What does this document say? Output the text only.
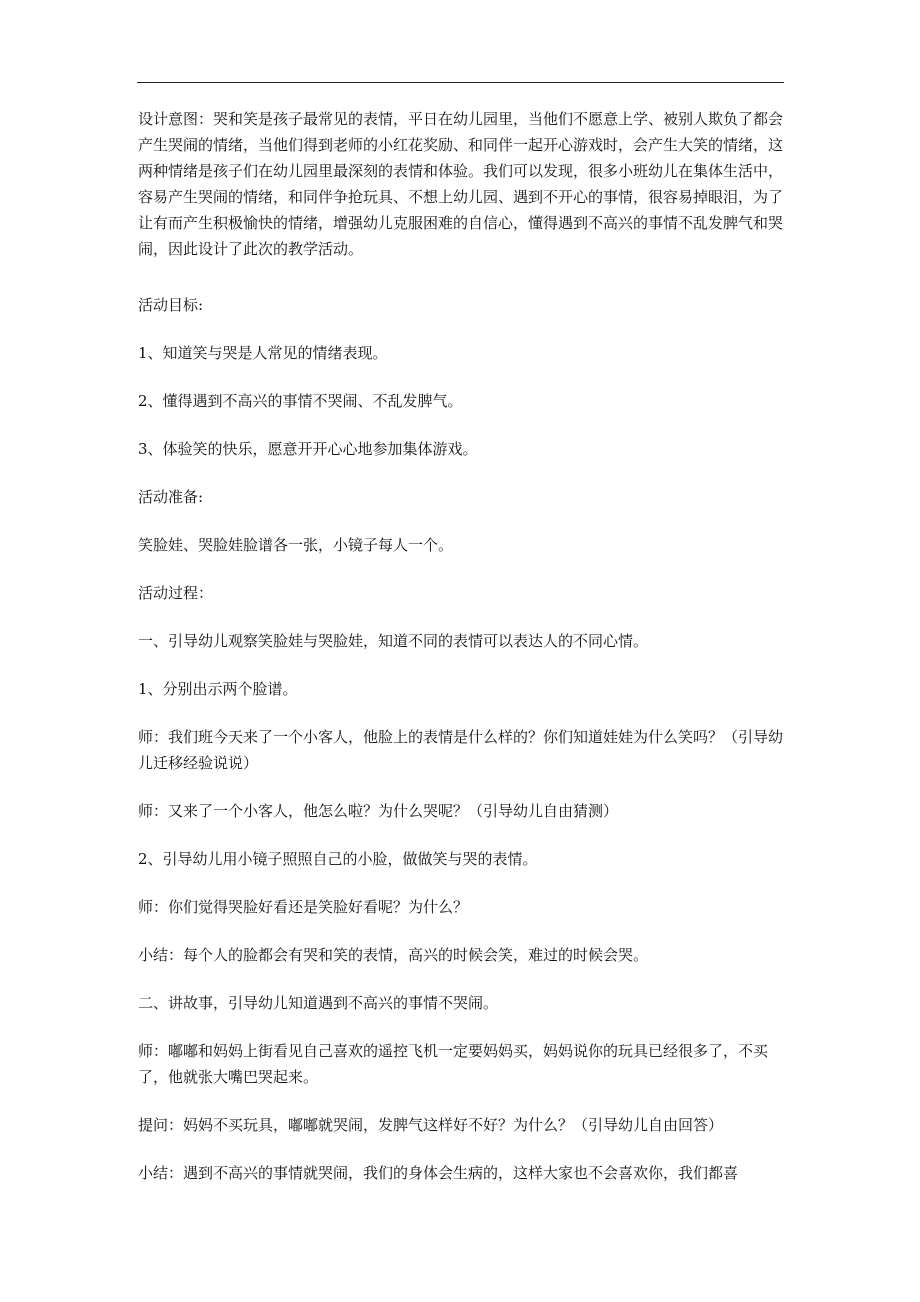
设计意图：哭和笑是孩子最常见的表情，平日在幼儿园里，当他们不愿意上学、被别人欺负了都会产生哭闹的情绪，当他们得到老师的小红花奖励、和同伴一起开心游戏时，会产生大笑的情绪，这两种情绪是孩子们在幼儿园里最深刻的表情和体验。我们可以发现，很多小班幼儿在集体生活中，容易产生哭闹的情绪，和同伴争抢玩具、不想上幼儿园、遇到不开心的事情，很容易掉眼泪，为了让有而产生积极愉快的情绪，增强幼儿克服困难的自信心，懂得遇到不高兴的事情不乱发脾气和哭闹，因此设计了此次的教学活动。

活动目标:

1、知道笑与哭是人常见的情绪表现。

2、懂得遇到不高兴的事情不哭闹、不乱发脾气。

3、体验笑的快乐，愿意开开心心地参加集体游戏。

活动准备:

笑脸娃、哭脸娃脸谱各一张，小镜子每人一个。

活动过程：

一、引导幼儿观察笑脸娃与哭脸娃，知道不同的表情可以表达人的不同心情。

1、分别出示两个脸谱。

师：我们班今天来了一个小客人，他脸上的表情是什么样的？你们知道娃娃为什么笑吗？（引导幼儿迁移经验说说）

师：又来了一个小客人，他怎么啦？为什么哭呢？（引导幼儿自由猜测）

2、引导幼儿用小镜子照照自己的小脸，做做笑与哭的表情。

师：你们觉得哭脸好看还是笑脸好看呢？为什么？

小结：每个人的脸都会有哭和笑的表情，高兴的时候会笑，难过的时候会哭。

二、讲故事，引导幼儿知道遇到不高兴的事情不哭闹。

师：嘟嘟和妈妈上街看见自己喜欢的遥控飞机一定要妈妈买，妈妈说你的玩具已经很多了，不买了，他就张大嘴巴哭起来。

提问：妈妈不买玩具，嘟嘟就哭闹，发脾气这样好不好？为什么？（引导幼儿自由回答）

小结：遇到不高兴的事情就哭闹，我们的身体会生病的，这样大家也不会喜欢你，我们都喜
